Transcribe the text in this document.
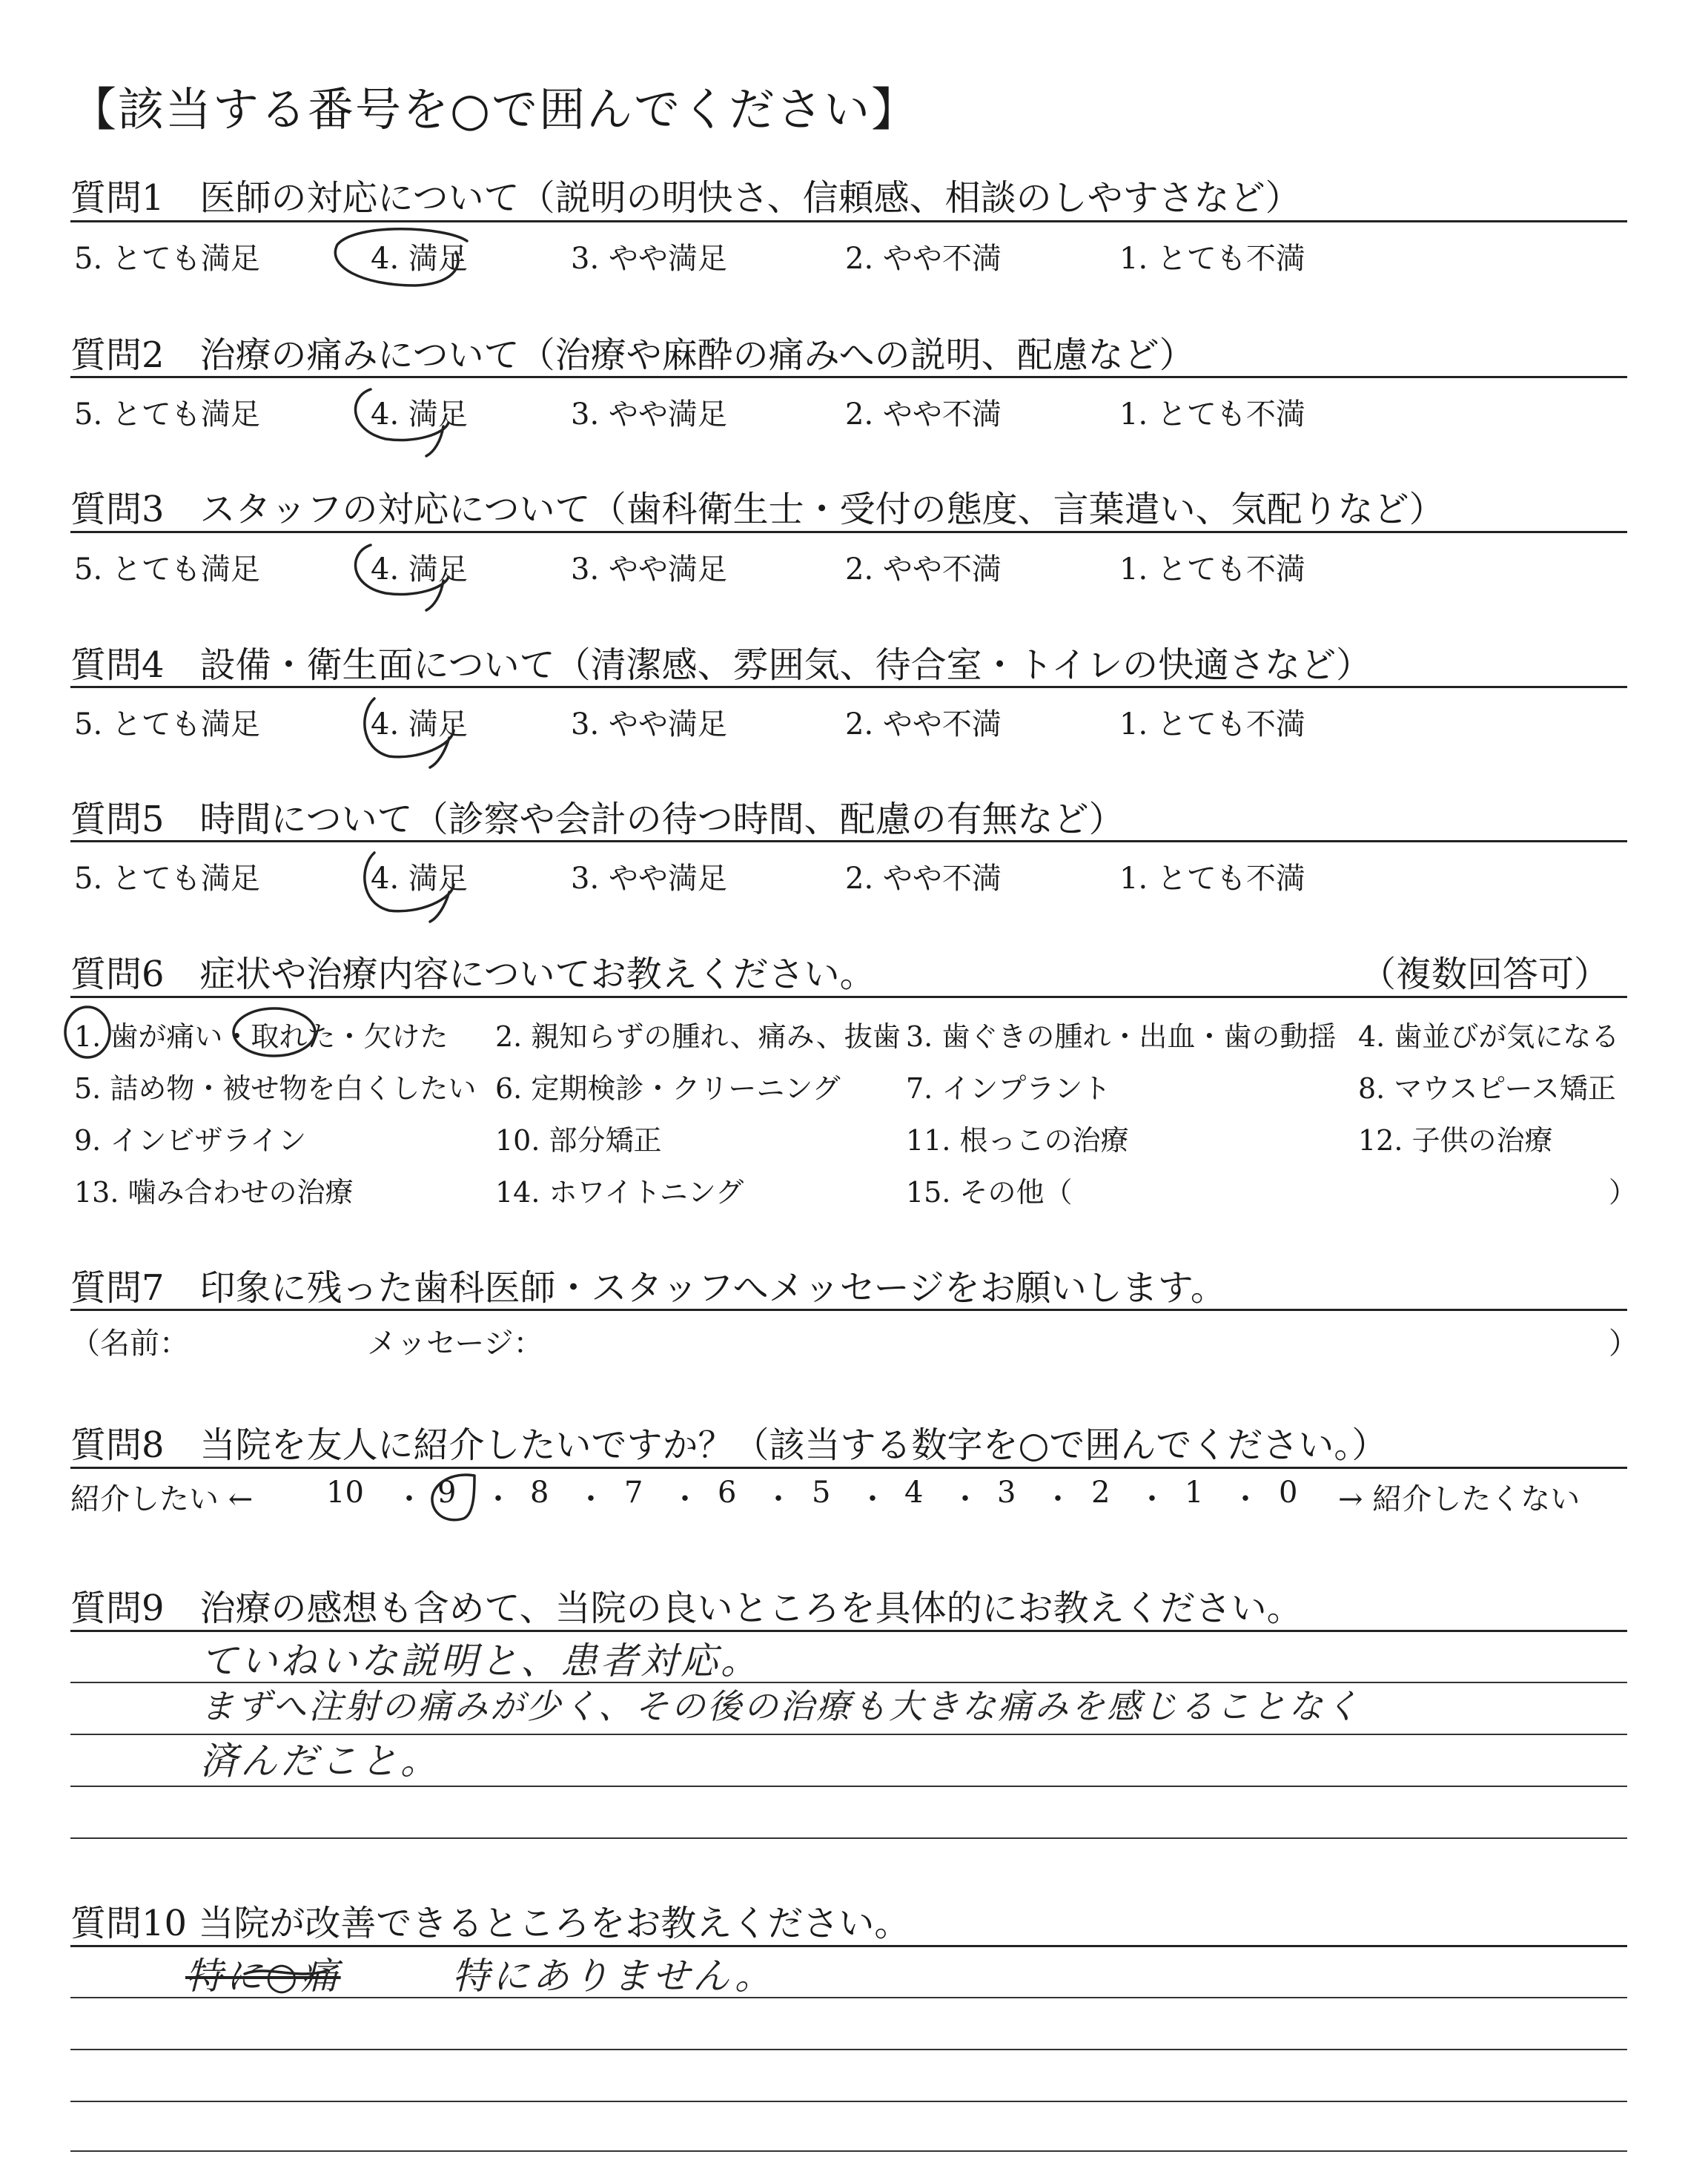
【該当する番号を○で囲んでください】
質問1　医師の対応について（説明の明快さ、信頼感、相談のしやすさなど）
5. とても満足	4. 満足	3. やや満足	2. やや不満	1. とても不満
質問2　治療の痛みについて（治療や麻酔の痛みへの説明、配慮など）
5. とても満足	4. 満足	3. やや満足	2. やや不満	1. とても不満
質問3　スタッフの対応について（歯科衛生士・受付の態度、言葉遣い、気配りなど）
5. とても満足	4. 満足	3. やや満足	2. やや不満	1. とても不満
質問4　設備・衛生面について（清潔感、雰囲気、待合室・トイレの快適さなど）
5. とても満足	4. 満足	3. やや満足	2. やや不満	1. とても不満
質問5　時間について（診察や会計の待つ時間、配慮の有無など）
5. とても満足	4. 満足	3. やや満足	2. やや不満	1. とても不満
質問6　症状や治療内容についてお教えください。	（複数回答可）
1. 歯が痛い・取れた・欠けた 2. 親知らずの腫れ、痛み、抜歯 3. 歯ぐきの腫れ・出血・歯の動揺 4. 歯並びが気になる
5. 詰め物・被せ物を白くしたい 6. 定期検診・クリーニング 7. インプラント	8. マウスピース矯正
9. インビザライン	10. 部分矯正	11. 根っこの治療	12. 子供の治療
13. 噛み合わせの治療	14. ホワイトニング	15. その他（	）
質問7　印象に残った歯科医師・スタッフへメッセージをお願いします。
（名前：	メッセージ：	）
質問8　当院を友人に紹介したいですか？（該当する数字を○で囲んでください。）
紹介したい ←	→ 紹介したくない
10 ・ 9 ・ 8 ・ 7 ・ 6 ・ 5 ・ 4 ・ 3 ・ 2 ・ 1 ・ 0
質問9　治療の感想も含めて、当院の良いところを具体的にお教えください。
ていねいな説明と、患者対応。
まずへ注射の痛みが少く、その後の治療も大きな痛みを感じることなく
済んだこと。
質問10 当院が改善できるところをお教えください。
特に○痛	特にありません。
